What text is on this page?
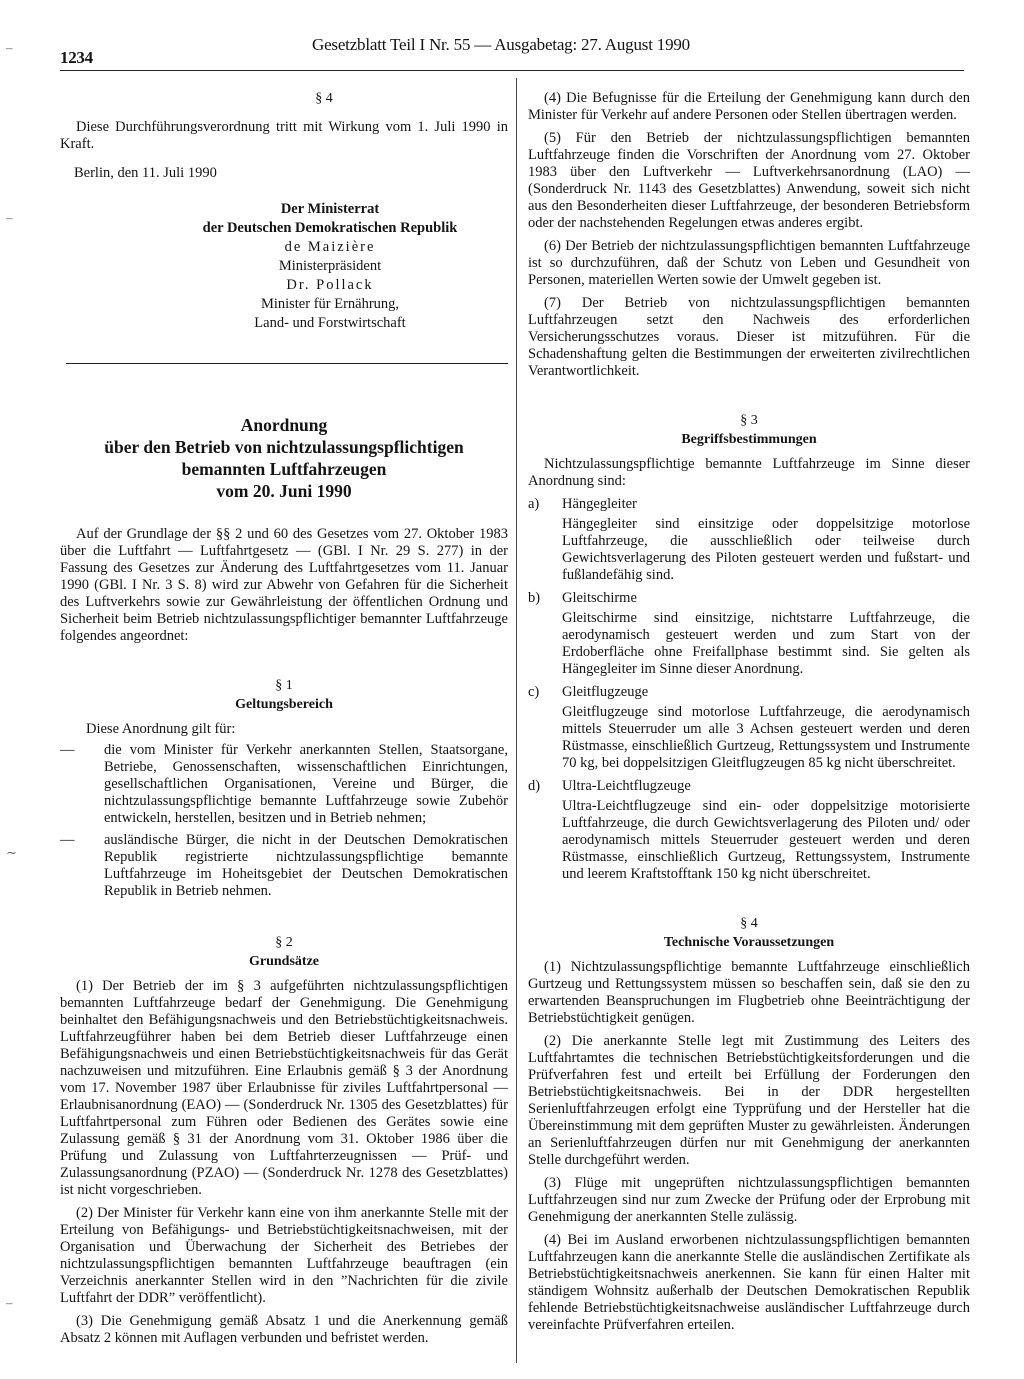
1234
Gesetzblatt Teil I Nr. 55 — Ausgabetag: 27. August 1990
–
–
∼
–
§ 4

Diese Durchführungsverordnung tritt mit Wirkung vom 1. Juli 1990 in Kraft.

Berlin, den 11. Juli 1990
Der Ministerrat
der Deutschen Demokratischen Republik
de Maizière
Ministerpräsident
Dr. Pollack
Minister für Ernährung,
Land- und Forstwirtschaft
Anordnung
über den Betrieb von nichtzulassungspflichtigen
bemannten Luftfahrzeugen
vom 20. Juni 1990

Auf der Grundlage der §§ 2 und 60 des Gesetzes vom 27. Oktober 1983 über die Luftfahrt — Luftfahrtgesetz — (GBl. I Nr. 29 S. 277) in der Fassung des Gesetzes zur Änderung des Luftfahrtgesetzes vom 11. Januar 1990 (GBl. I Nr. 3 S. 8) wird zur Abwehr von Gefahren für die Sicherheit des Luftverkehrs sowie zur Gewährleistung der öffentlichen Ordnung und Sicherheit beim Betrieb nichtzulassungspflichtiger bemannter Luftfahrzeuge folgendes angeordnet:

§ 1
Geltungsbereich

Diese Anordnung gilt für:

—	die vom Minister für Verkehr anerkannten Stellen, Staatsorgane, Betriebe, Genossenschaften, wissenschaftlichen Einrichtungen, gesellschaftlichen Organisationen, Vereine und Bürger, die nichtzulassungspflichtige bemannte Luftfahrzeuge sowie Zubehör entwickeln, herstellen, besitzen und in Betrieb nehmen;
—	ausländische Bürger, die nicht in der Deutschen Demokratischen Republik registrierte nichtzulassungspflichtige bemannte Luftfahrzeuge im Hoheitsgebiet der Deutschen Demokratischen Republik in Betrieb nehmen.
§ 2
Grundsätze

(1) Der Betrieb der im § 3 aufgeführten nichtzulassungspflichtigen bemannten Luftfahrzeuge bedarf der Genehmigung. Die Genehmigung beinhaltet den Befähigungsnachweis und den Betriebstüchtigkeitsnachweis. Luftfahrzeugführer haben bei dem Betrieb dieser Luftfahrzeuge einen Befähigungsnachweis und einen Betriebstüchtigkeitsnachweis für das Gerät nachzuweisen und mitzuführen. Eine Erlaubnis gemäß § 3 der Anordnung vom 17. November 1987 über Erlaubnisse für ziviles Luftfahrtpersonal — Erlaubnisanordnung (EAO) — (Sonderdruck Nr. 1305 des Gesetzblattes) für Luftfahrtpersonal zum Führen oder Bedienen des Gerätes sowie eine Zulassung gemäß § 31 der Anordnung vom 31. Oktober 1986 über die Prüfung und Zulassung von Luftfahrterzeugnissen — Prüf- und Zulassungsanordnung (PZAO) — (Sonderdruck Nr. 1278 des Gesetzblattes) ist nicht vorgeschrieben.

(2) Der Minister für Verkehr kann eine von ihm anerkannte Stelle mit der Erteilung von Befähigungs- und Betriebstüchtigkeitsnachweisen, mit der Organisation und Überwachung der Sicherheit des Betriebes der nichtzulassungspflichtigen bemannten Luftfahrzeuge beauftragen (ein Verzeichnis anerkannter Stellen wird in den ”Nachrichten für die zivile Luftfahrt der DDR” veröffentlicht).

(3) Die Genehmigung gemäß Absatz 1 und die Anerkennung gemäß Absatz 2 können mit Auflagen verbunden und befristet werden.

(4) Die Befugnisse für die Erteilung der Genehmigung kann durch den Minister für Verkehr auf andere Personen oder Stellen übertragen werden.

(5) Für den Betrieb der nichtzulassungspflichtigen bemannten Luftfahrzeuge finden die Vorschriften der Anordnung vom 27. Oktober 1983 über den Luftverkehr — Luftverkehrsanordnung (LAO) — (Sonderdruck Nr. 1143 des Gesetzblattes) Anwendung, soweit sich nicht aus den Besonderheiten dieser Luftfahrzeuge, der besonderen Betriebsform oder der nachstehenden Regelungen etwas anderes ergibt.

(6) Der Betrieb der nichtzulassungspflichtigen bemannten Luftfahrzeuge ist so durchzuführen, daß der Schutz von Leben und Gesundheit von Personen, materiellen Werten sowie der Umwelt gegeben ist.

(7) Der Betrieb von nichtzulassungspflichtigen bemannten Luftfahrzeugen setzt den Nachweis des erforderlichen Versicherungsschutzes voraus. Dieser ist mitzuführen. Für die Schadenshaftung gelten die Bestimmungen der erweiterten zivilrechtlichen Verantwortlichkeit.

§ 3
Begriffsbestimmungen

Nichtzulassungspflichtige bemannte Luftfahrzeuge im Sinne dieser Anordnung sind:

a)	Hängegleiter
Hängegleiter sind einsitzige oder doppelsitzige motorlose Luftfahrzeuge, die ausschließlich oder teilweise durch Gewichtsverlagerung des Piloten gesteuert werden und fußstart- und fußlandefähig sind.
b)	Gleitschirme
Gleitschirme sind einsitzige, nichtstarre Luftfahrzeuge, die aerodynamisch gesteuert werden und zum Start von der Erdoberfläche ohne Freifallphase bestimmt sind. Sie gelten als Hängegleiter im Sinne dieser Anordnung.
c)	Gleitflugzeuge
Gleitflugzeuge sind motorlose Luftfahrzeuge, die aerodynamisch mittels Steuerruder um alle 3 Achsen gesteuert werden und deren Rüstmasse, einschließlich Gurtzeug, Rettungssystem und Instrumente 70 kg, bei doppelsitzigen Gleitflugzeugen 85 kg nicht überschreitet.
d)	Ultra-Leichtflugzeuge
Ultra-Leichtflugzeuge sind ein- oder doppelsitzige motorisierte Luftfahrzeuge, die durch Gewichtsverlagerung des Piloten und/ oder aerodynamisch mittels Steuerruder gesteuert werden und deren Rüstmasse, einschließlich Gurtzeug, Rettungssystem, Instrumente und leerem Kraftstofftank 150 kg nicht überschreitet.
§ 4
Technische Voraussetzungen

(1) Nichtzulassungspflichtige bemannte Luftfahrzeuge einschließlich Gurtzeug und Rettungssystem müssen so beschaffen sein, daß sie den zu erwartenden Beanspruchungen im Flugbetrieb ohne Beeinträchtigung der Betriebstüchtigkeit genügen.

(2) Die anerkannte Stelle legt mit Zustimmung des Leiters des Luftfahrtamtes die technischen Betriebstüchtigkeitsforderungen und die Prüfverfahren fest und erteilt bei Erfüllung der Forderungen den Betriebstüchtigkeitsnachweis. Bei in der DDR hergestellten Serienluftfahrzeugen erfolgt eine Typprüfung und der Hersteller hat die Übereinstimmung mit dem geprüften Muster zu gewährleisten. Änderungen an Serienluftfahrzeugen dürfen nur mit Genehmigung der anerkannten Stelle durchgeführt werden.

(3) Flüge mit ungeprüften nichtzulassungspflichtigen bemannten Luftfahrzeugen sind nur zum Zwecke der Prüfung oder der Erprobung mit Genehmigung der anerkannten Stelle zulässig.

(4) Bei im Ausland erworbenen nichtzulassungspflichtigen bemannten Luftfahrzeugen kann die anerkannte Stelle die ausländischen Zertifikate als Betriebstüchtigkeitsnachweis anerkennen. Sie kann für einen Halter mit ständigem Wohnsitz außerhalb der Deutschen Demokratischen Republik fehlende Betriebstüchtigkeitsnachweise ausländischer Luftfahrzeuge durch vereinfachte Prüfverfahren erteilen.
